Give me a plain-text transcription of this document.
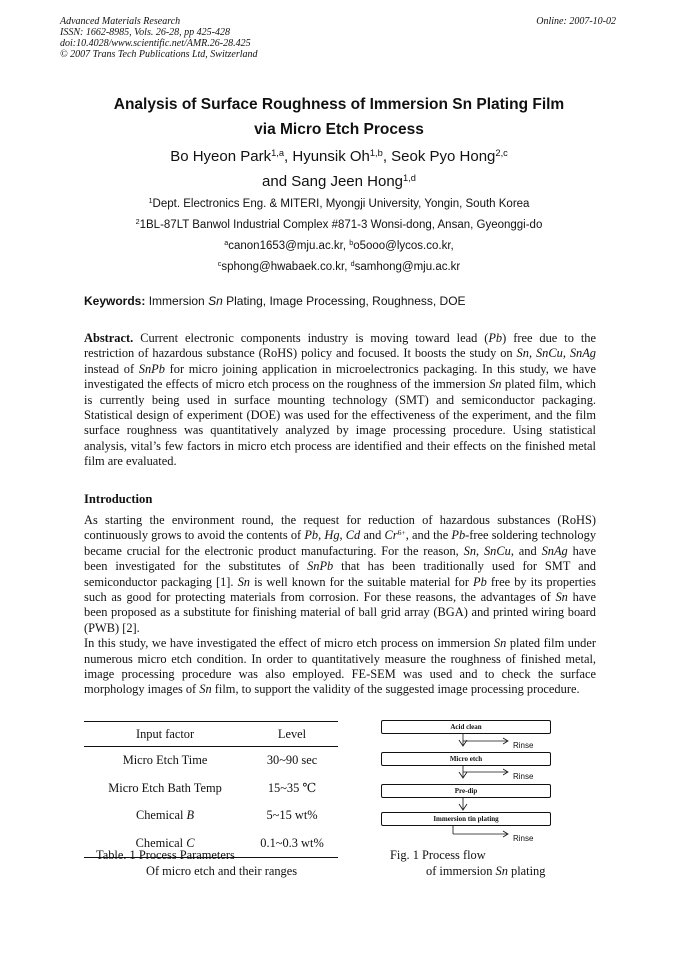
Advanced Materials Research
ISSN: 1662-8985, Vols. 26-28, pp 425-428
doi:10.4028/www.scientific.net/AMR.26-28.425
© 2007 Trans Tech Publications Ltd, Switzerland
Online: 2007-10-02
Analysis of Surface Roughness of Immersion Sn Plating Film
via Micro Etch Process
Bo Hyeon Park$^{1,a}$, Hyunsik Oh$^{1,b}$, Seok Pyo Hong$^{2,c}$
and Sang Jeen Hong$^{1,d}$
$^1$Dept. Electronics Eng. & MITERI, Myongji University, Yongin, South Korea
$^2$1BL-87LT Banwol Industrial Complex #871-3 Wonsi-dong, Ansan, Gyeonggi-do
$^a$canon1653@mju.ac.kr, $^b$o5ooo@lycos.co.kr,
$^c$sphong@hwabaek.co.kr, $^d$samhong@mju.ac.kr
Keywords: Immersion Sn Plating, Image Processing, Roughness, DOE
Abstract. Current electronic components industry is moving toward lead (Pb) free due to the restriction of hazardous substance (RoHS) policy and focused. It boosts the study on Sn, SnCu, SnAg instead of SnPb for micro joining application in microelectronics packaging. In this study, we have investigated the effects of micro etch process on the roughness of the immersion Sn plated film, which is currently being used in surface mounting technology (SMT) and semiconductor packaging. Statistical design of experiment (DOE) was used for the effectiveness of the experiment, and the film surface roughness was quantitatively analyzed by image processing procedure. Using statistical analysis, vital’s few factors in micro etch process are identified and their effects on the finished metal film are evaluated.
Introduction
As starting the environment round, the request for reduction of hazardous substances (RoHS) continuously grows to avoid the contents of Pb, Hg, Cd and $Cr^{6+}$, and the Pb-free soldering technology became crucial for the electronic product manufacturing. For the reason, Sn, SnCu, and SnAg have been investigated for the substitutes of SnPb that has been traditionally used for SMT and semiconductor packaging [1]. Sn is well known for the suitable material for Pb free by its properties such as good for protecting materials from corrosion. For these reasons, the advantages of Sn have been proposed as a substitute for finishing material of ball grid array (BGA) and printed wiring board (PWB) [2].
In this study, we have investigated the effect of micro etch process on immersion Sn plated film under numerous micro etch condition. In order to quantitatively measure the roughness of finished metal, image processing procedure was also employed. FE-SEM was used and to check the surface morphology images of Sn film, to support the validity of the suggested image processing procedure.
Input factor	Level
Micro Etch Time	30~90 sec
Micro Etch Bath Temp	15~35 ℃
Chemical B	5~15 wt%
Chemical C	0.1~0.3 wt%
Table. 1 Process Parameters
Of micro etch and their ranges
Acid clean
Micro etch
Pre-dip
Immersion tin plating
Rinse
Rinse
Rinse
Fig. 1 Process flow
of immersion Sn plating
